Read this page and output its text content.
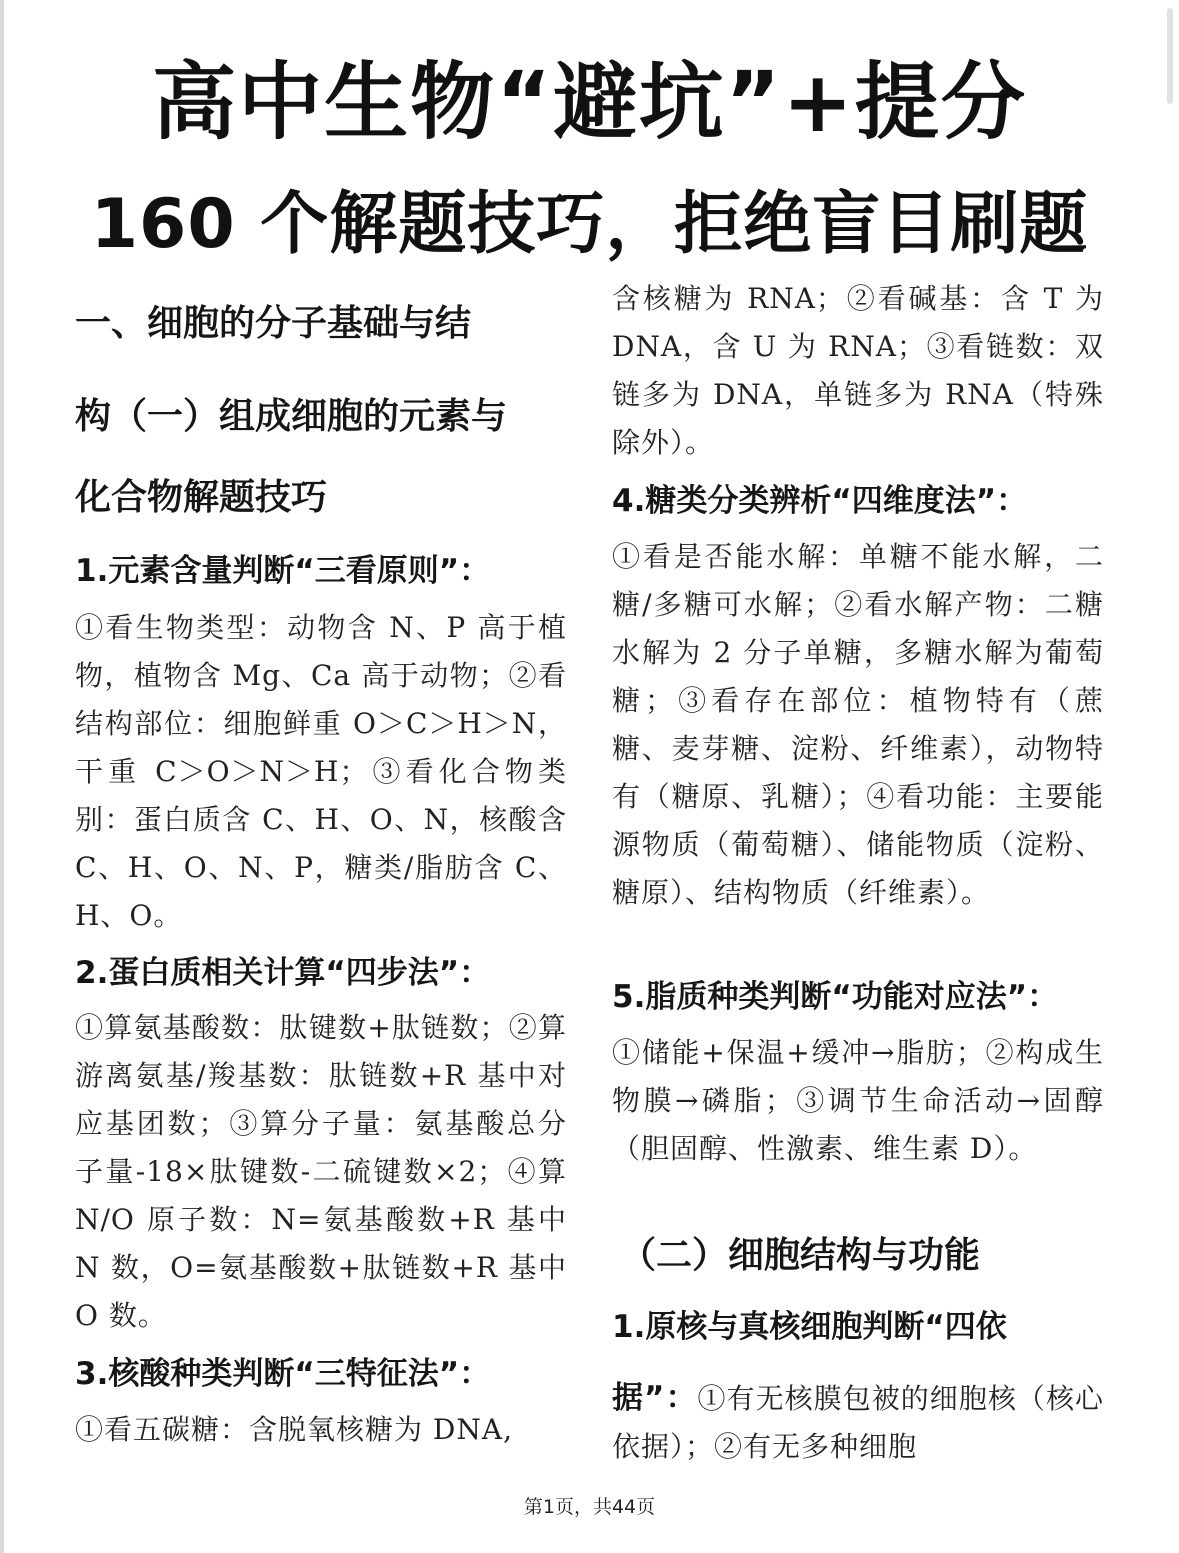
高中生物“避坑”+提分
160 个解题技巧，拒绝盲目刷题
一、细胞的分子基础与结
构（一）组成细胞的元素与
化合物解题技巧
1.元素含量判断“三看原则”：

①看生物类型：动物含 N、P 高于植物，植物含 Mg、Ca 高于动物；②看结构部位：细胞鲜重 O＞C＞H＞N，干重 C＞O＞N＞H；③看化合物类别：蛋白质含 C、H、O、N，核酸含 C、H、O、N、P，糖类/脂肪含 C、H、O。

2.蛋白质相关计算“四步法”：

①算氨基酸数：肽键数+肽链数；②算游离氨基/羧基数：肽链数+R 基中对应基团数；③算分子量：氨基酸总分子量-18×肽键数-二硫键数×2；④算 N/O 原子数：N=氨基酸数+R 基中 N 数，O=氨基酸数+肽链数+R 基中 O 数。

3.核酸种类判断“三特征法”：

①看五碳糖：含脱氧核糖为 DNA,

含核糖为 RNA；②看碱基：含 T 为 DNA，含 U 为 RNA；③看链数：双链多为 DNA，单链多为 RNA（特殊除外）。

4.糖类分类辨析“四维度法”：

①看是否能水解：单糖不能水解，二糖/多糖可水解；②看水解产物：二糖水解为 2 分子单糖，多糖水解为葡萄糖；③看存在部位：植物特有（蔗糖、麦芽糖、淀粉、纤维素），动物特有（糖原、乳糖）；④看功能：主要能源物质（葡萄糖）、储能物质（淀粉、糖原）、结构物质（纤维素）。

5.脂质种类判断“功能对应法”：

①储能+保温+缓冲→脂肪；②构成生物膜→磷脂；③调节生命活动→固醇（胆固醇、性激素、维生素 D）。

（二）细胞结构与功能
1.原核与真核细胞判断“四依
据”：①有无核膜包被的细胞核（核心依据）；②有无多种细胞
第1页，共44页
